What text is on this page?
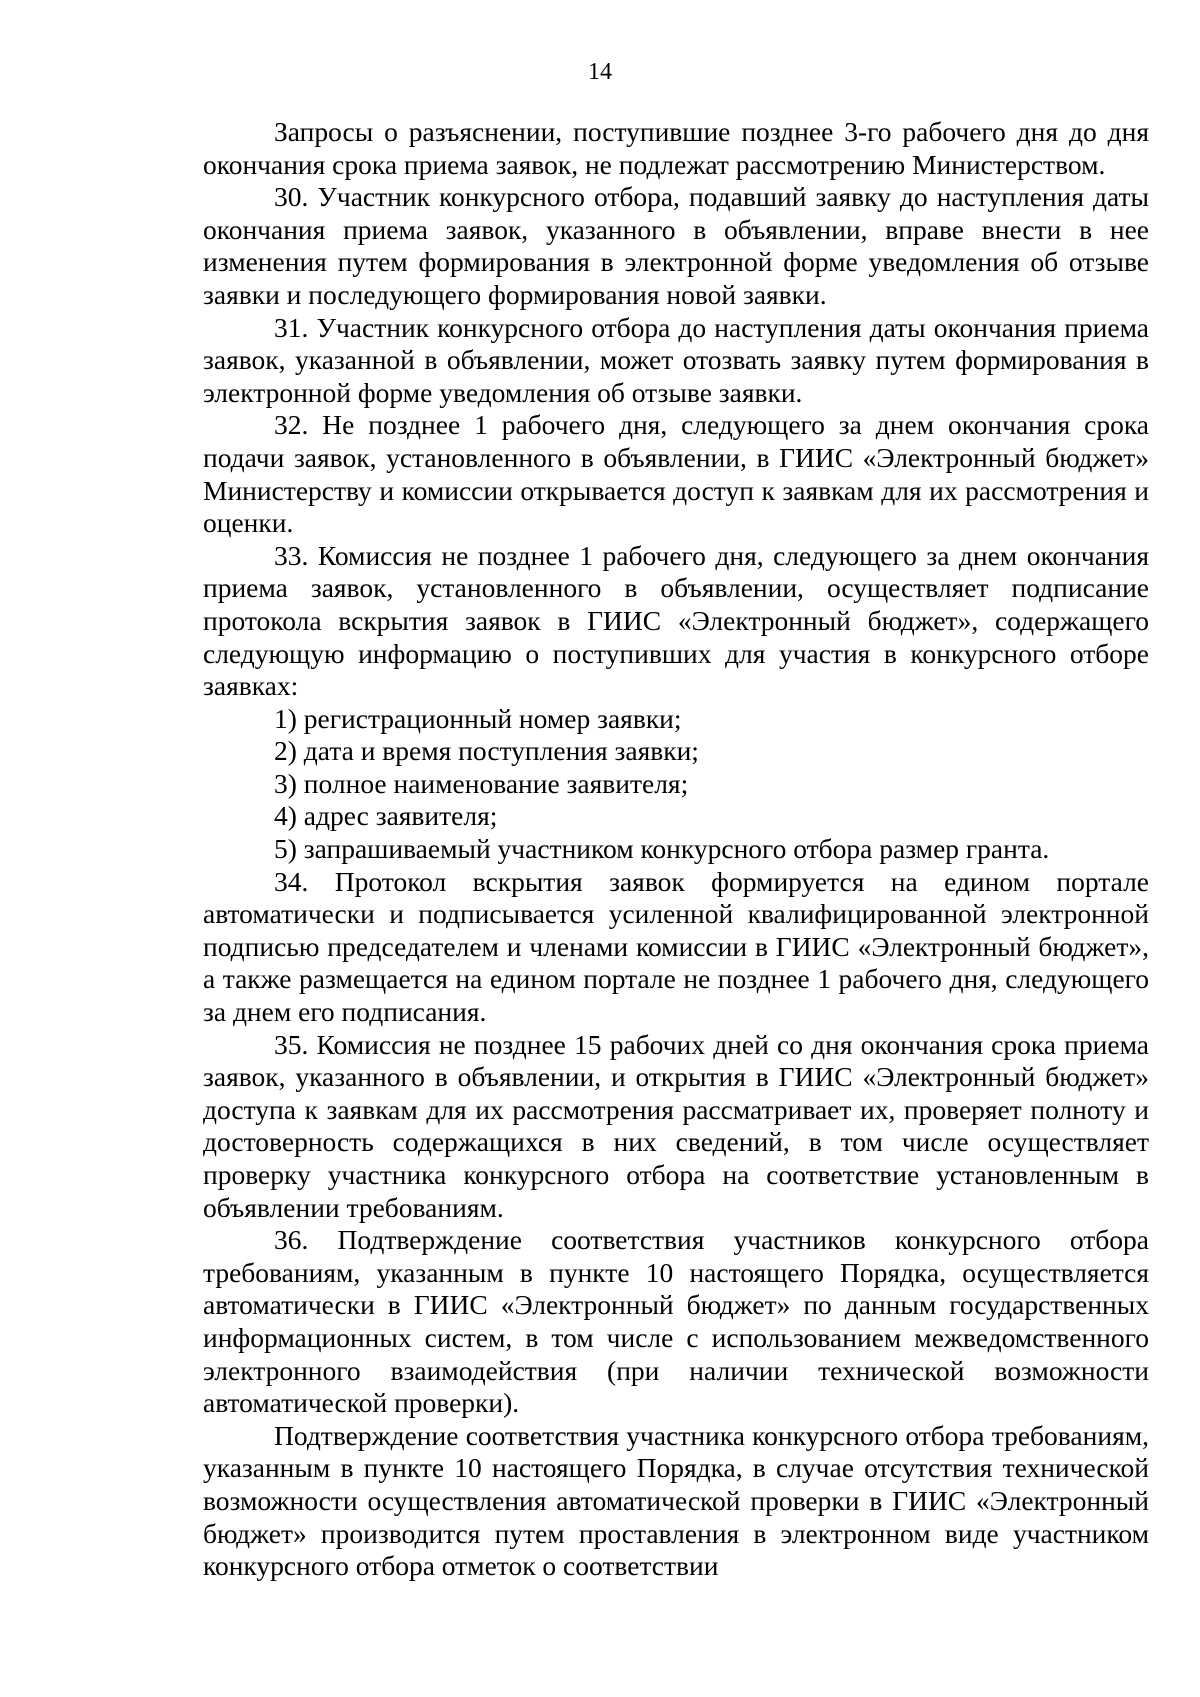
14

Запросы о разъяснении, поступившие позднее 3-го рабочего дня до дня окончания срока приема заявок, не подлежат рассмотрению Министерством.

30. Участник конкурсного отбора, подавший заявку до наступления даты окончания приема заявок, указанного в объявлении, вправе внести в нее изменения путем формирования в электронной форме уведомления об отзыве заявки и последующего формирования новой заявки.

31. Участник конкурсного отбора до наступления даты окончания приема заявок, указанной в объявлении, может отозвать заявку путем формирования в электронной форме уведомления об отзыве заявки.

32. Не позднее 1 рабочего дня, следующего за днем окончания срока подачи заявок, установленного в объявлении, в ГИИС «Электронный бюджет» Министерству и комиссии открывается доступ к заявкам для их рассмотрения и оценки.

33. Комиссия не позднее 1 рабочего дня, следующего за днем окончания приема заявок, установленного в объявлении, осуществляет подписание протокола вскрытия заявок в ГИИС «Электронный бюджет», содержащего следующую информацию о поступивших для участия в конкурсного отборе заявках:

1) регистрационный номер заявки;

2) дата и время поступления заявки;

3) полное наименование заявителя;

4) адрес заявителя;

5) запрашиваемый участником конкурсного отбора размер гранта.

34. Протокол вскрытия заявок формируется на едином портале автоматически и подписывается усиленной квалифицированной электронной подписью председателем и членами комиссии в ГИИС «Электронный бюджет», а также размещается на едином портале не позднее 1 рабочего дня, следующего за днем его подписания.

35. Комиссия не позднее 15 рабочих дней со дня окончания срока приема заявок, указанного в объявлении, и открытия в ГИИС «Электронный бюджет» доступа к заявкам для их рассмотрения рассматривает их, проверяет полноту и достоверность содержащихся в них сведений, в том числе осуществляет проверку участника конкурсного отбора на соответствие установленным в объявлении требованиям.

36. Подтверждение соответствия участников конкурсного отбора требованиям, указанным в пункте 10 настоящего Порядка, осуществляется автоматически в ГИИС «Электронный бюджет» по данным государственных информационных систем, в том числе с использованием межведомственного электронного взаимодействия (при наличии технической возможности автоматической проверки).

Подтверждение соответствия участника конкурсного отбора требованиям, указанным в пункте 10 настоящего Порядка, в случае отсутствия технической возможности осуществления автоматической проверки в ГИИС «Электронный бюджет» производится путем проставления в электронном виде участником конкурсного отбора отметок о соответствии
